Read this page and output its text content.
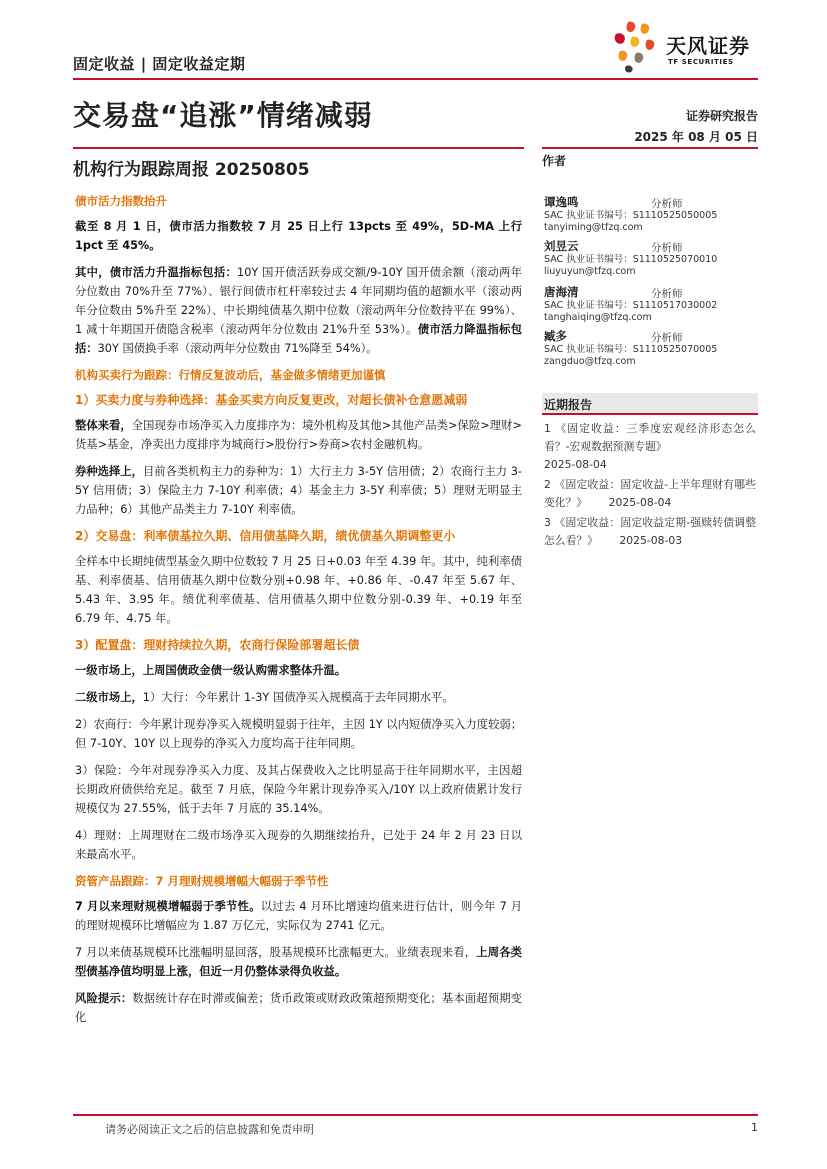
固定收益 | 固定收益定期
天风证券
TF SECURITIES
交易盘“追涨”情绪减弱	证券研究报告
2025 年 08 月 05 日
机构行为跟踪周报 20250805
债市活力指数抬升

截至 8 月 1 日，债市活力指数较 7 月 25 日上行 13pcts 至 49%，5D-MA 上行 1pct 至 45%。

其中，债市活力升温指标包括：10Y 国开债活跃券成交额/9-10Y 国开债余额（滚动两年分位数由 70%升至 77%）、银行间债市杠杆率较过去 4 年同期均值的超额水平（滚动两年分位数由 5%升至 22%）、中长期纯债基久期中位数（滚动两年分位数持平在 99%）、1 减十年期国开债隐含税率（滚动两年分位数由 21%升至 53%）。债市活力降温指标包括：30Y 国债换手率（滚动两年分位数由 71%降至 54%）。

机构买卖行为跟踪：行情反复波动后，基金做多情绪更加谨慎
1）买卖力度与券种选择：基金买卖方向反复更改，对超长债补仓意愿减弱

整体来看，全国现券市场净买入力度排序为：境外机构及其他>其他产品类>保险>理财>货基>基金，净卖出力度排序为城商行>股份行>券商>农村金融机构。

券种选择上，目前各类机构主力的券种为：1）大行主力 3-5Y 信用债；2）农商行主力 3-5Y 信用债；3）保险主力 7-10Y 利率债；4）基金主力 3-5Y 利率债；5）理财无明显主力品种；6）其他产品类主力 7-10Y 利率债。

2）交易盘：利率债基拉久期、信用债基降久期，绩优债基久期调整更小

全样本中长期纯债型基金久期中位数较 7 月 25 日+0.03 年至 4.39 年。其中，纯利率债基、利率债基、信用债基久期中位数分别+0.98 年、+0.86 年、-0.47 年至 5.67 年、5.43 年、3.95 年。绩优利率债基、信用债基久期中位数分别-0.39 年、+0.19 年至 6.79 年、4.75 年。

3）配置盘：理财持续拉久期，农商行保险部署超长债

一级市场上，上周国债政金债一级认购需求整体升温。

二级市场上，1）大行：今年累计 1-3Y 国债净买入规模高于去年同期水平。

2）农商行：今年累计现券净买入规模明显弱于往年，主因 1Y 以内短债净买入力度较弱；但 7-10Y、10Y 以上现券的净买入力度均高于往年同期。

3）保险：今年对现券净买入力度、及其占保费收入之比明显高于往年同期水平，主因超长期政府债供给充足。截至 7 月底，保险今年累计现券净买入/10Y 以上政府债累计发行规模仅为 27.55%，低于去年 7 月底的 35.14%。

4）理财：上周理财在二级市场净买入现券的久期继续抬升，已处于 24 年 2 月 23 日以来最高水平。

资管产品跟踪：7 月理财规模增幅大幅弱于季节性

7 月以来理财规模增幅弱于季节性。以过去 4 月环比增速均值来进行估计，则今年 7 月的理财规模环比增幅应为 1.87 万亿元，实际仅为 2741 亿元。

7 月以来债基规模环比涨幅明显回落，股基规模环比涨幅更大。业绩表现来看，上周各类型债基净值均明显上涨，但近一月仍整体录得负收益。

风险提示：数据统计存在时滞或偏差；货币政策或财政政策超预期变化；基本面超预期变化

作者
谭逸鸣	分析师
SAC 执业证书编号：S1110525050005
tanyiming@tfzq.com
刘昱云	分析师
SAC 执业证书编号：S1110525070010
liuyuyun@tfzq.com
唐海清	分析师
SAC 执业证书编号：S1110517030002
tanghaiqing@tfzq.com
臧多	分析师
SAC 执业证书编号：S1110525070005
zangduo@tfzq.com
近期报告
1 《固定收益：三季度宏观经济形态怎么看？-宏观数据预测专题》
2025-08-04
2 《固定收益：固定收益-上半年理财有哪些变化？》 2025-08-04
3 《固定收益：固定收益定期-强赎转债调整怎么看？》 2025-08-03
请务必阅读正文之后的信息披露和免责申明	1
